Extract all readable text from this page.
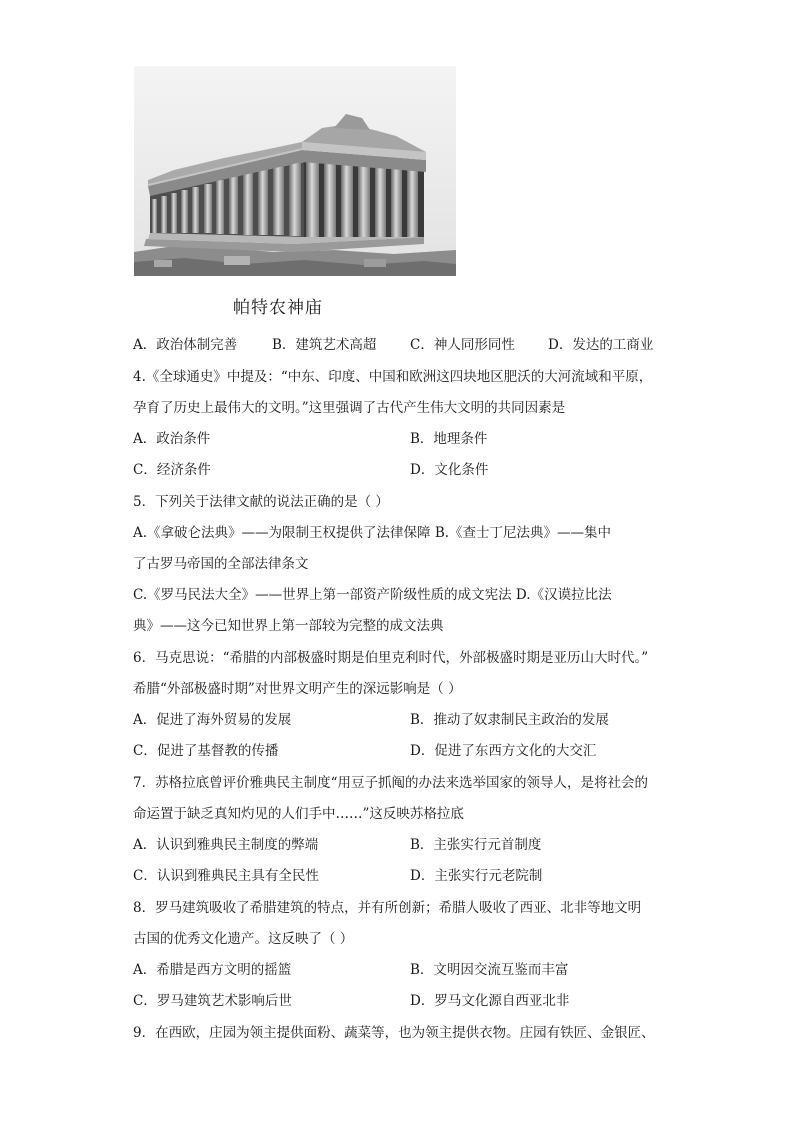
帕特农神庙
A．政治体制完善	B．建筑艺术高超 C．神人同形同性 D．发达的工商业
4.《全球通史》中提及：“中东、印度、中国和欧洲这四块地区肥沃的大河流域和平原，
孕育了历史上最伟大的文明。”这里强调了古代产生伟大文明的共同因素是
A．政治条件	B．地理条件
C．经济条件	D．文化条件
5．下列关于法律文献的说法正确的是（ ）
A.《拿破仑法典》——为限制王权提供了法律保障 B.《查士丁尼法典》——集中
了古罗马帝国的全部法律条文
C.《罗马民法大全》——世界上第一部资产阶级性质的成文宪法 D.《汉谟拉比法
典》——这今已知世界上第一部较为完整的成文法典
6．马克思说：“希腊的内部极盛时期是伯里克利时代，外部极盛时期是亚历山大时代。”
希腊“外部极盛时期”对世界文明产生的深远影响是（ ）
A．促进了海外贸易的发展	B．推动了奴隶制民主政治的发展
C．促进了基督教的传播	D．促进了东西方文化的大交汇
7．苏格拉底曾评价雅典民主制度“用豆子抓阄的办法来选举国家的领导人，是将社会的
命运置于缺乏真知灼见的人们手中……”这反映苏格拉底
A．认识到雅典民主制度的弊端	B．主张实行元首制度
C．认识到雅典民主具有全民性	D．主张实行元老院制
8．罗马建筑吸收了希腊建筑的特点，并有所创新；希腊人吸收了西亚、北非等地文明
古国的优秀文化遗产。这反映了（ ）
A．希腊是西方文明的摇篮	B．文明因交流互鉴而丰富
C．罗马建筑艺术影响后世	D．罗马文化源自西亚北非
9．在西欧，庄园为领主提供面粉、蔬菜等，也为领主提供衣物。庄园有铁匠、金银匠、
